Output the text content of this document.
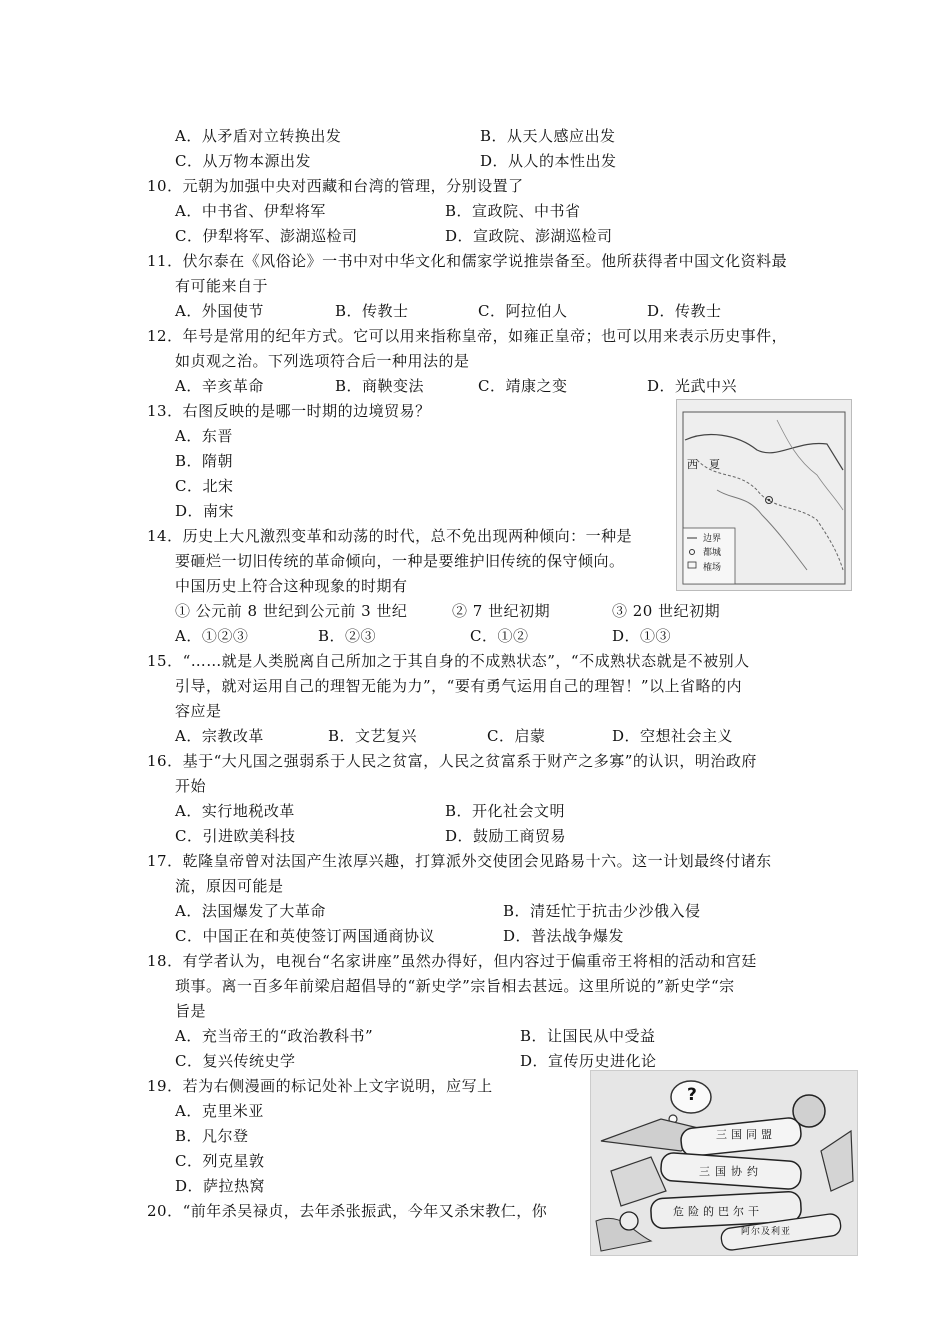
A．从矛盾对立转换出发	B．从天人感应出发
C．从万物本源出发	D．从人的本性出发
10．元朝为加强中央对西藏和台湾的管理，分别设置了
A．中书省、伊犁将军	B．宣政院、中书省
C．伊犁将军、澎湖巡检司	D．宣政院、澎湖巡检司
11．伏尔泰在《风俗论》一书中对中华文化和儒家学说推崇备至。他所获得者中国文化资料最
有可能来自于
A．外国使节	B．传教士	C．阿拉伯人	D．传教士
12．年号是常用的纪年方式。它可以用来指称皇帝，如雍正皇帝；也可以用来表示历史事件，
如贞观之治。下列选项符合后一种用法的是
A．辛亥革命	B．商鞅变法	C．靖康之变	D．光武中兴
13．右图反映的是哪一时期的边境贸易？
A．东晋
B．隋朝
C．北宋
D．南宋
西 夏
边界
都城
榷场
14．历史上大凡激烈变革和动荡的时代，总不免出现两种倾向：一种是
要砸烂一切旧传统的革命倾向，一种是要维护旧传统的保守倾向。
中国历史上符合这种现象的时期有
① 公元前 8 世纪到公元前 3 世纪	② 7 世纪初期	③ 20 世纪初期
A．①②③	B．②③	C．①②	D．①③
15．“……就是人类脱离自己所加之于其自身的不成熟状态”，“不成熟状态就是不被别人
引导，就对运用自己的理智无能为力”，“要有勇气运用自己的理智！”以上省略的内
容应是
A．宗教改革	B．文艺复兴	C．启蒙	D．空想社会主义
16．基于“大凡国之强弱系于人民之贫富，人民之贫富系于财产之多寡”的认识，明治政府
开始
A．实行地税改革	B．开化社会文明
C．引进欧美科技	D．鼓励工商贸易
17．乾隆皇帝曾对法国产生浓厚兴趣，打算派外交使团会见路易十六。这一计划最终付诸东
流，原因可能是
A．法国爆发了大革命	B．清廷忙于抗击少沙俄入侵
C．中国正在和英使签订两国通商协议	D．普法战争爆发
18．有学者认为，电视台“名家讲座”虽然办得好，但内容过于偏重帝王将相的活动和宫廷
琐事。离一百多年前梁启超倡导的“新史学”宗旨相去甚远。这里所说的”新史学“宗
旨是
A．充当帝王的“政治教科书”	B．让国民从中受益
C．复兴传统史学	D．宣传历史进化论
19．若为右侧漫画的标记处补上文字说明，应写上
A．克里米亚
B．凡尔登
C．列克星敦
D．萨拉热窝
?
三国同盟
三国协约
危险的巴尔干
阿尔及利亚
20．“前年杀吴禄贞，去年杀张振武，今年又杀宋教仁，你
